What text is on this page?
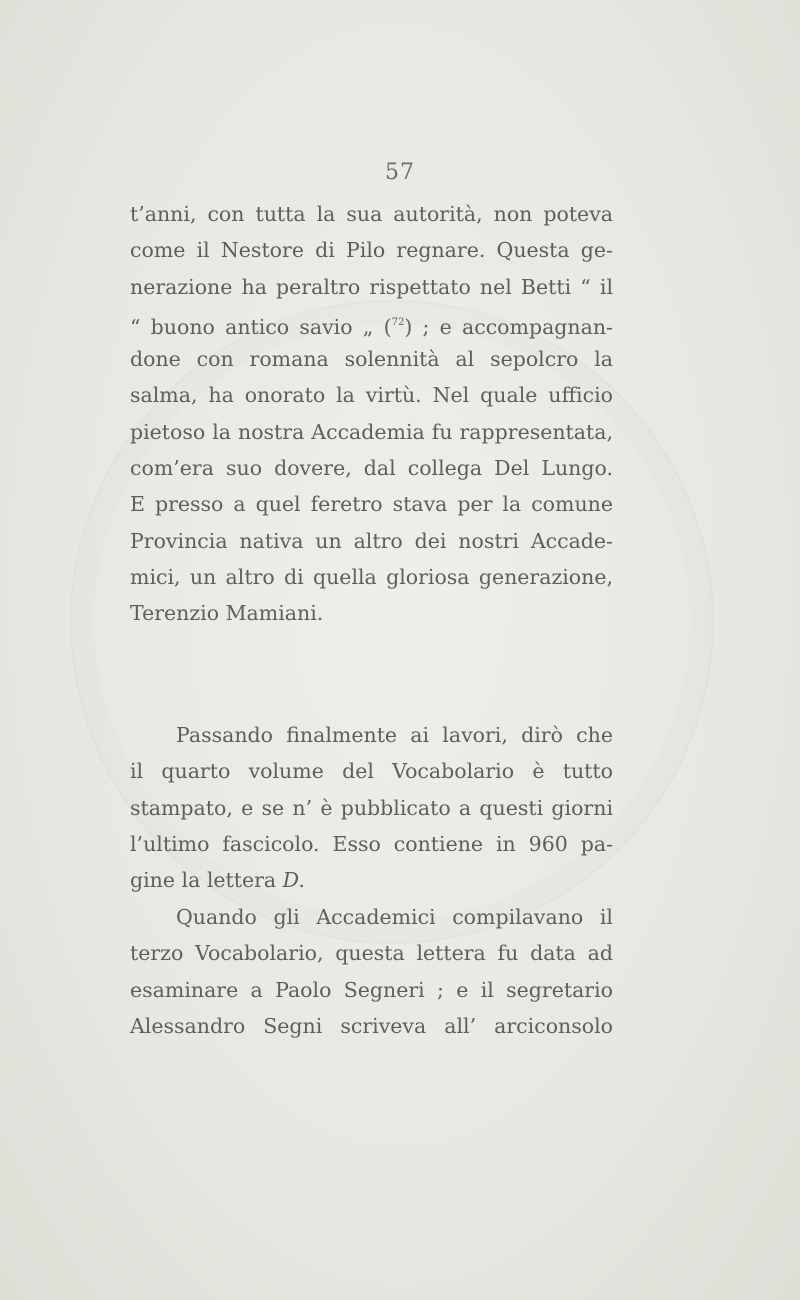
57
t’anni, con tutta la sua autorità, non poteva
come il Nestore di Pilo regnare. Questa ge-
nerazione ha peraltro rispettato nel Betti “ il
“ buono antico savio „ ($^{72}$) ; e accompagnan-
done con romana solennità al sepolcro la
salma, ha onorato la virtù. Nel quale ufficio
pietoso la nostra Accademia fu rappresentata,
com’era suo dovere, dal collega Del Lungo.
E presso a quel feretro stava per la comune
Provincia nativa un altro dei nostri Accade-
mici, un altro di quella gloriosa generazione,
Terenzio Mamiani.
Passando finalmente ai lavori, dirò che
il quarto volume del Vocabolario è tutto
stampato, e se n’ è pubblicato a questi giorni
l’ultimo fascicolo. Esso contiene in 960 pa-
gine la lettera D.
Quando gli Accademici compilavano il
terzo Vocabolario, questa lettera fu data ad
esaminare a Paolo Segneri ; e il segretario
Alessandro Segni scriveva all’ arciconsolo
